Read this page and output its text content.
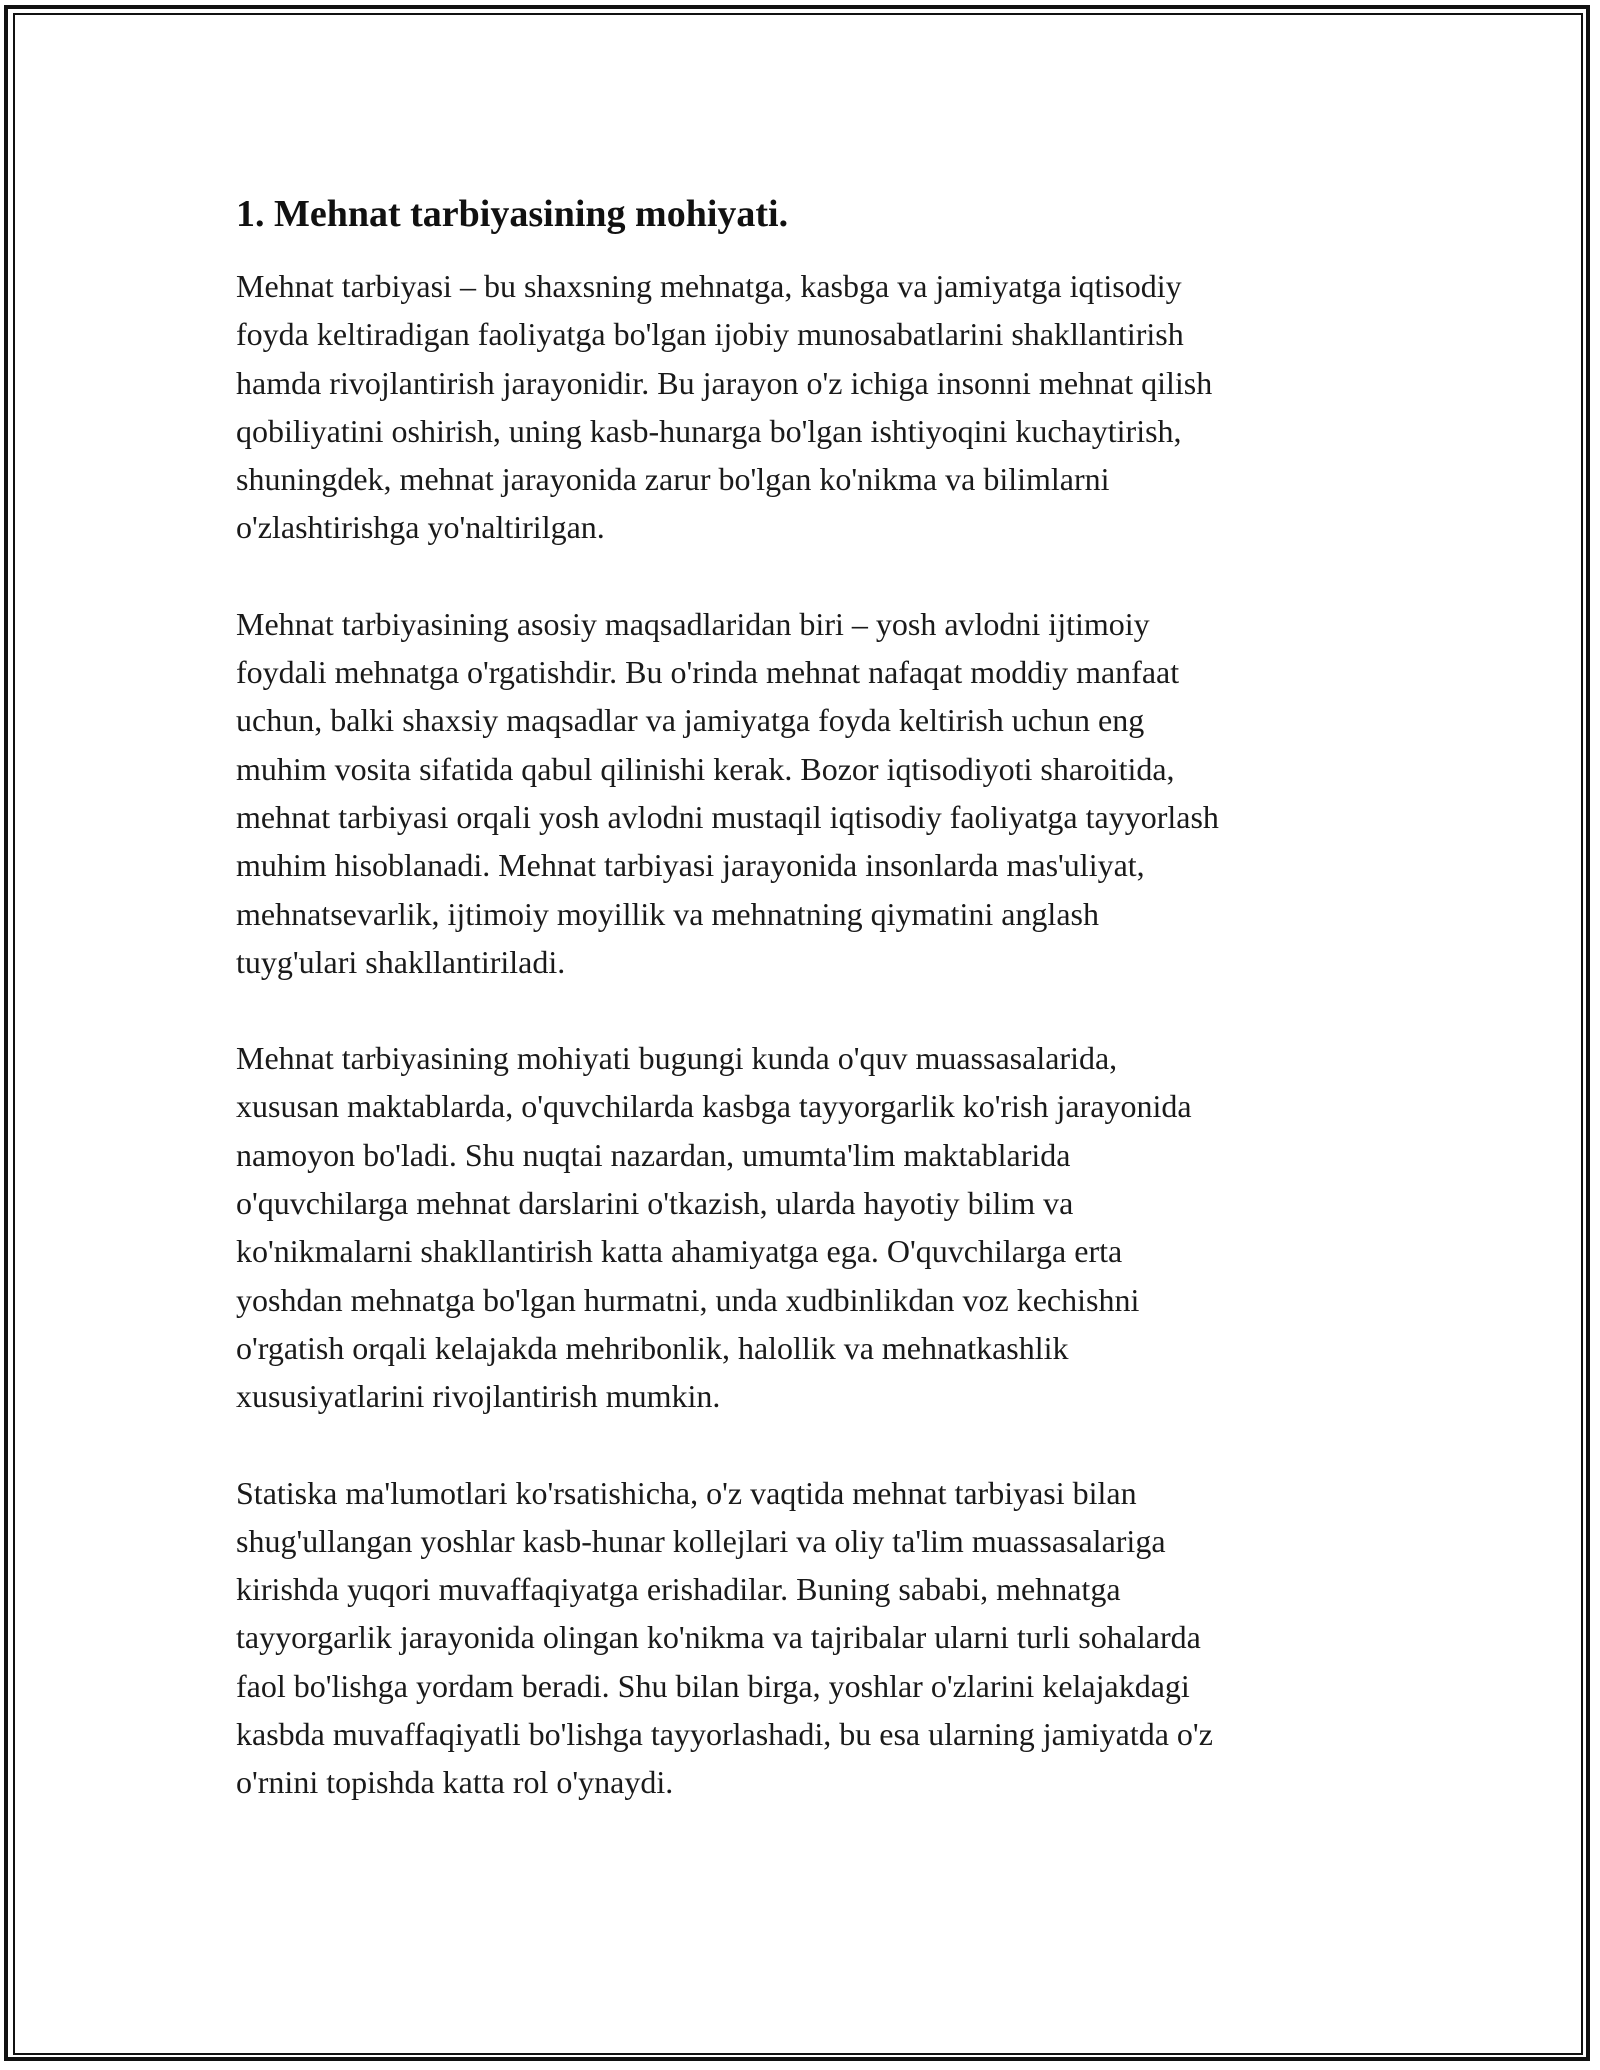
1. Mehnat tarbiyasining mohiyati.

Mehnat tarbiyasi – bu shaxsning mehnatga, kasbga va jamiyatga iqtisodiy
foyda keltiradigan faoliyatga bo'lgan ijobiy munosabatlarini shakllantirish
hamda rivojlantirish jarayonidir. Bu jarayon o'z ichiga insonni mehnat qilish
qobiliyatini oshirish, uning kasb-hunarga bo'lgan ishtiyoqini kuchaytirish,
shuningdek, mehnat jarayonida zarur bo'lgan ko'nikma va bilimlarni
o'zlashtirishga yo'naltirilgan.

Mehnat tarbiyasining asosiy maqsadlaridan biri – yosh avlodni ijtimoiy
foydali mehnatga o'rgatishdir. Bu o'rinda mehnat nafaqat moddiy manfaat
uchun, balki shaxsiy maqsadlar va jamiyatga foyda keltirish uchun eng
muhim vosita sifatida qabul qilinishi kerak. Bozor iqtisodiyoti sharoitida,
mehnat tarbiyasi orqali yosh avlodni mustaqil iqtisodiy faoliyatga tayyorlash
muhim hisoblanadi. Mehnat tarbiyasi jarayonida insonlarda mas'uliyat,
mehnatsevarlik, ijtimoiy moyillik va mehnatning qiymatini anglash
tuyg'ulari shakllantiriladi.

Mehnat tarbiyasining mohiyati bugungi kunda o'quv muassasalarida,
xususan maktablarda, o'quvchilarda kasbga tayyorgarlik ko'rish jarayonida
namoyon bo'ladi. Shu nuqtai nazardan, umumta'lim maktablarida
o'quvchilarga mehnat darslarini o'tkazish, ularda hayotiy bilim va
ko'nikmalarni shakllantirish katta ahamiyatga ega. O'quvchilarga erta
yoshdan mehnatga bo'lgan hurmatni, unda xudbinlikdan voz kechishni
o'rgatish orqali kelajakda mehribonlik, halollik va mehnatkashlik
xususiyatlarini rivojlantirish mumkin.

Statiska ma'lumotlari ko'rsatishicha, o'z vaqtida mehnat tarbiyasi bilan
shug'ullangan yoshlar kasb-hunar kollejlari va oliy ta'lim muassasalariga
kirishda yuqori muvaffaqiyatga erishadilar. Buning sababi, mehnatga
tayyorgarlik jarayonida olingan ko'nikma va tajribalar ularni turli sohalarda
faol bo'lishga yordam beradi. Shu bilan birga, yoshlar o'zlarini kelajakdagi
kasbda muvaffaqiyatli bo'lishga tayyorlashadi, bu esa ularning jamiyatda o'z
o'rnini topishda katta rol o'ynaydi.
